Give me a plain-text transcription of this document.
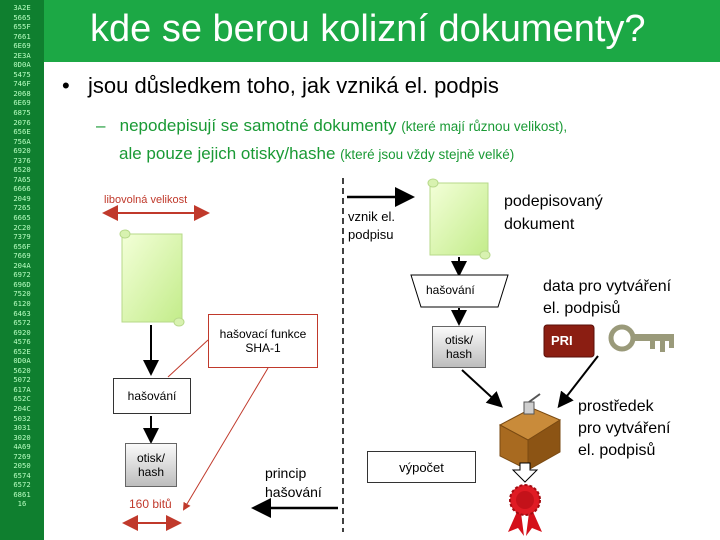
3A2E
5665
655F
7661
6E69
2E3A
0D0A
5475
746F
2068
6E69
6875
2076
656E
756A
6920
7376
6520
7A65
6666
2049
7265
6665
2C20
7379
656F
7669
204A
6972
696D
7520
6120
6463
6572
6920
4576
652E
0D0A
5620
5072
617A
652C
204C
5032
3031
3020
4A69
7269
2050
6574
6572
6861
16
kde se berou kolizní dokumenty?
• jsou důsledkem toho, jak vzniká el. podpis
– nepodepisují se samotné dokumenty (které mají různou velikost),
ale pouze jejich otisky/hashe (které jsou vždy stejně velké)
libovolná velikost
hašování
otisk/
hash
160 bitů
hašovací funkce
SHA-1
vznik el.
podpisu
princip
hašování
podepisovaný
dokument
hašování
otisk/
hash
data pro vytváření
el. podpisů
PRI
prostředek
pro vytváření
el. podpisů
výpočet
